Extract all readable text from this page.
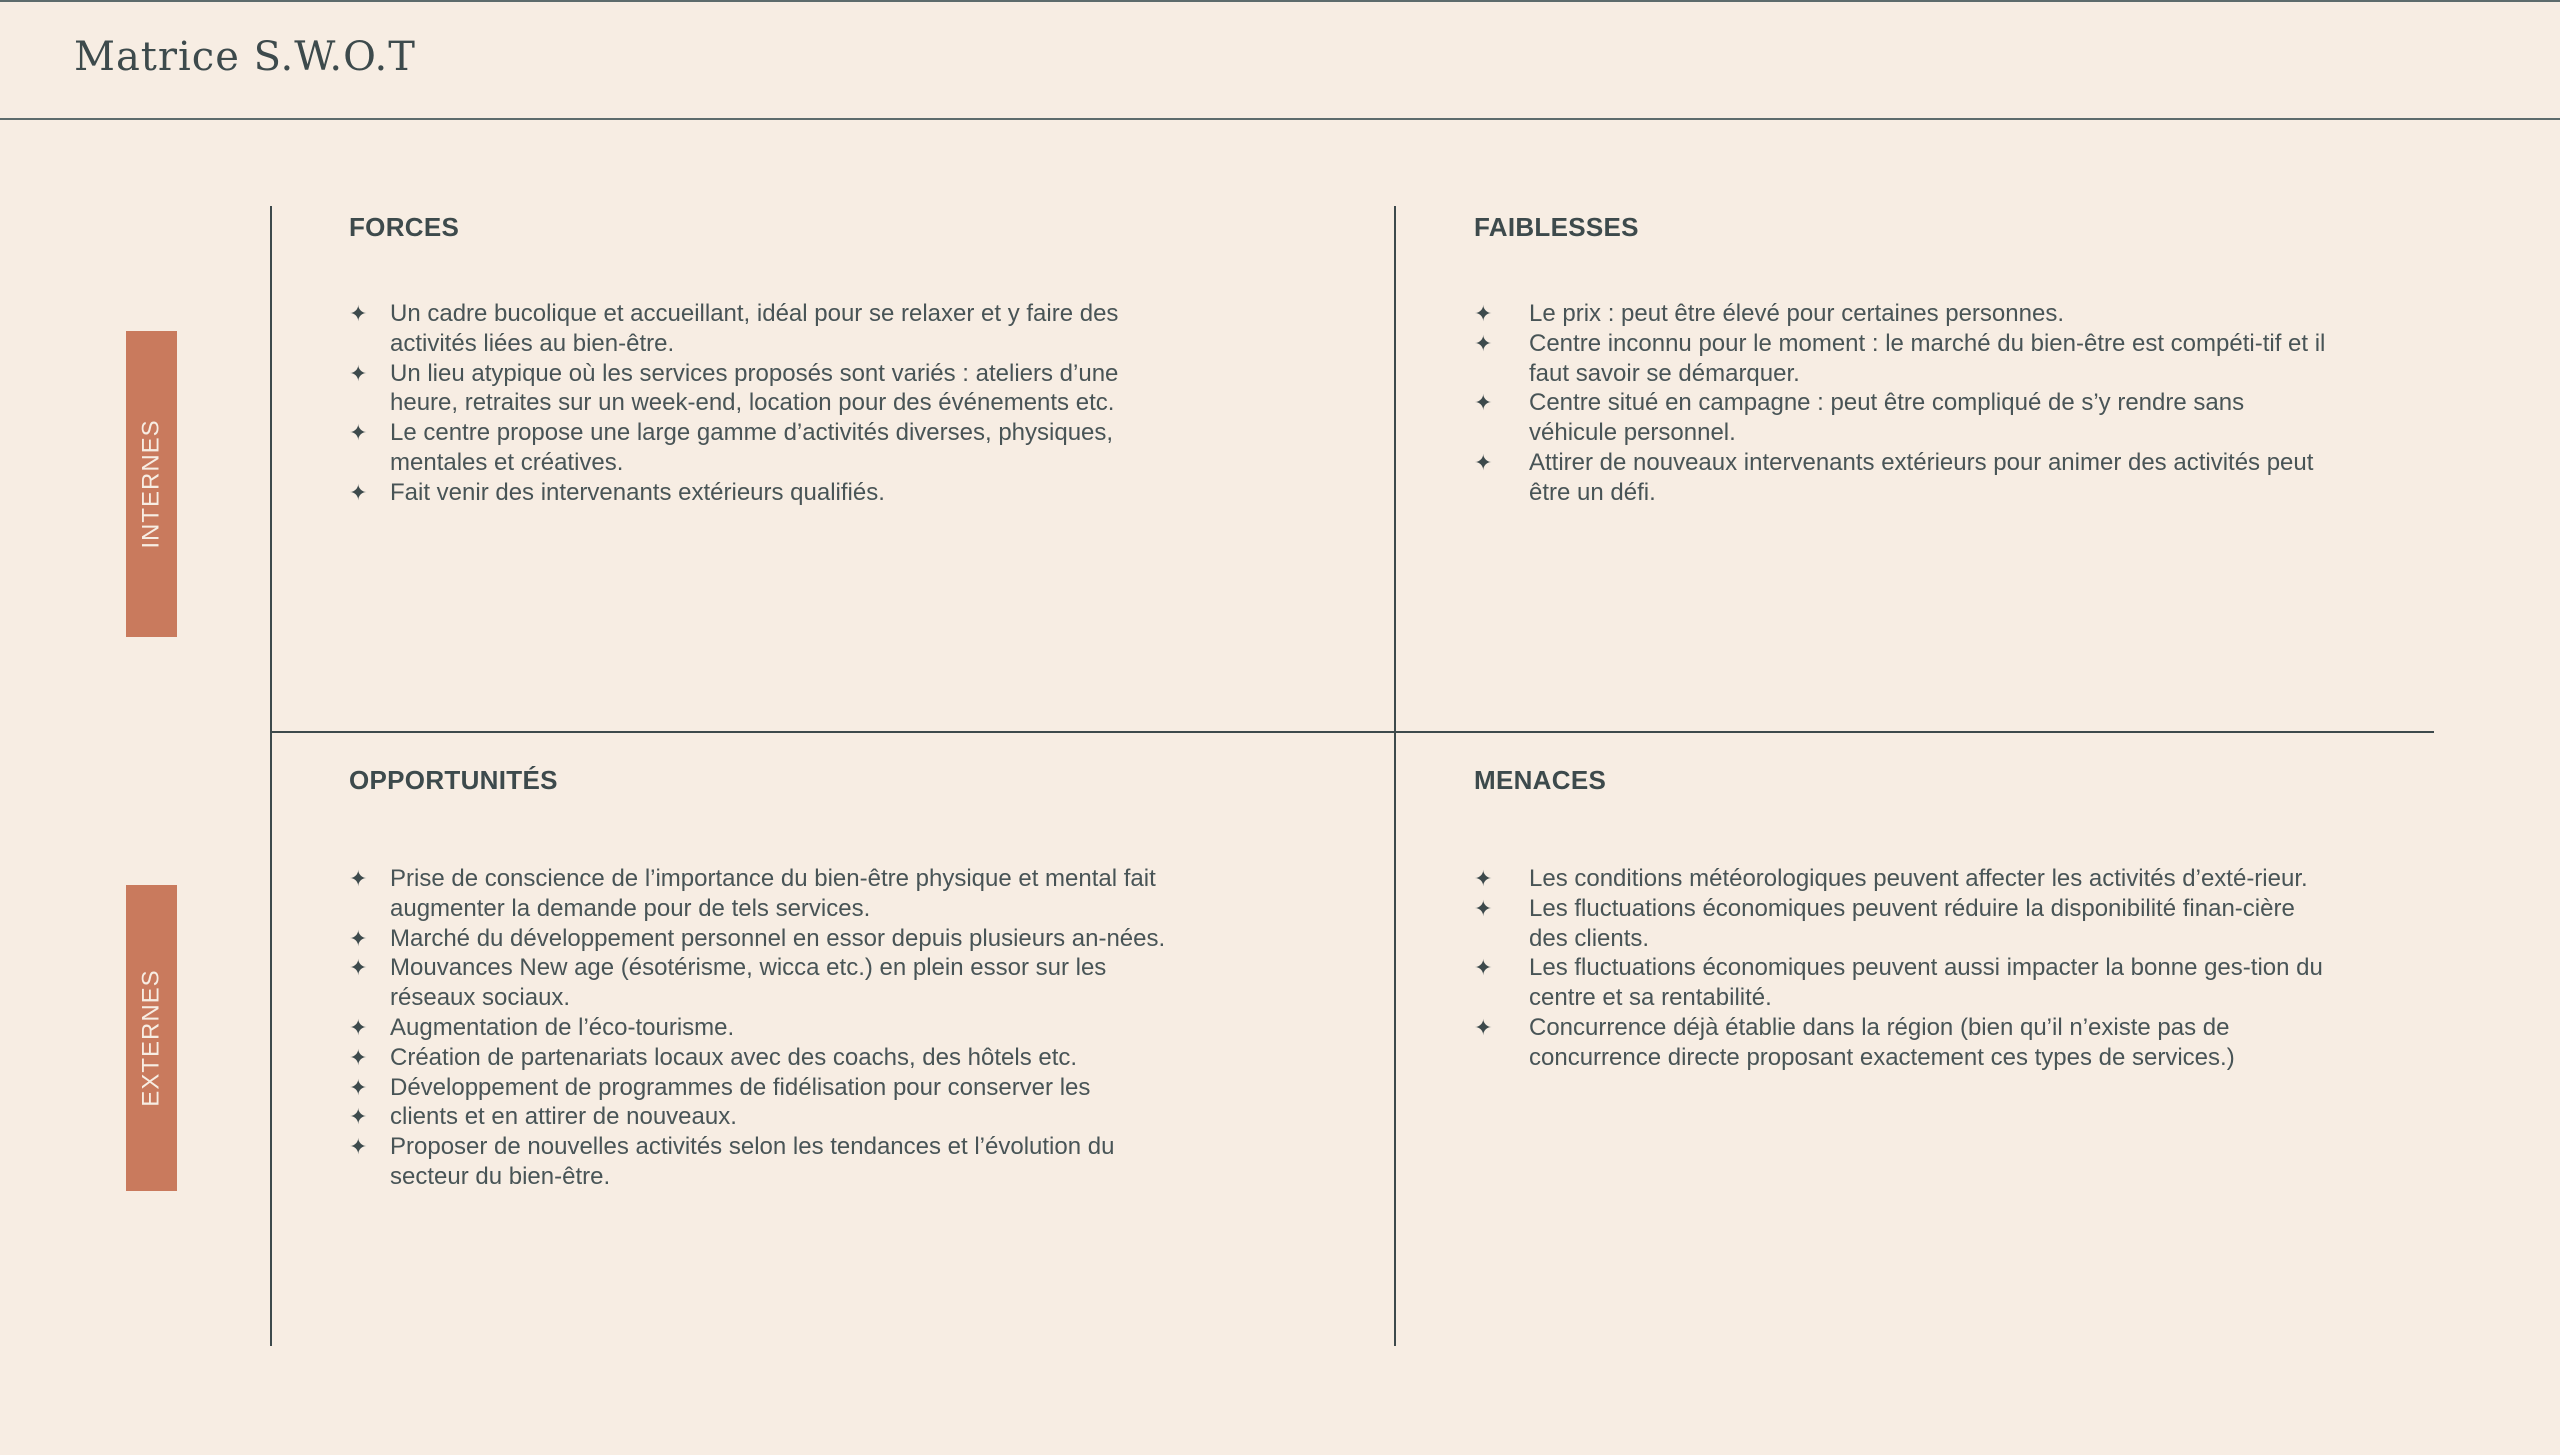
Matrice S.W.O.T
INTERNES
EXTERNES
FORCES
✦ Un cadre bucolique et accueillant, idéal pour se relaxer et y faire des activités liées au bien-être.
✦ Un lieu atypique où les services proposés sont variés : ateliers d’une heure, retraites sur un week-end, location pour des événements etc.
✦ Le centre propose une large gamme d’activités diverses, physiques, mentales et créatives.
✦ Fait venir des intervenants extérieurs qualifiés.
FAIBLESSES
✦ Le prix : peut être élevé pour certaines personnes.
✦ Centre inconnu pour le moment : le marché du bien-être est compéti-tif et il faut savoir se démarquer.
✦ Centre situé en campagne : peut être compliqué de s’y rendre sans véhicule personnel.
✦ Attirer de nouveaux intervenants extérieurs pour animer des activités peut être un défi.
OPPORTUNITÉS
✦ Prise de conscience de l’importance du bien-être physique et mental fait augmenter la demande pour de tels services.
✦ Marché du développement personnel en essor depuis plusieurs an-nées.
✦ Mouvances New age (ésotérisme, wicca etc.) en plein essor sur les réseaux sociaux.
✦ Augmentation de l’éco-tourisme.
✦ Création de partenariats locaux avec des coachs, des hôtels etc.
✦ Développement de programmes de fidélisation pour conserver les
✦ clients et en attirer de nouveaux.
✦ Proposer de nouvelles activités selon les tendances et l’évolution du secteur du bien-être.
MENACES
✦ Les conditions météorologiques peuvent affecter les activités d’exté-rieur.
✦ Les fluctuations économiques peuvent réduire la disponibilité finan-cière des clients.
✦ Les fluctuations économiques peuvent aussi impacter la bonne ges-tion du centre et sa rentabilité.
✦ Concurrence déjà établie dans la région (bien qu’il n’existe pas de concurrence directe proposant exactement ces types de services.)
